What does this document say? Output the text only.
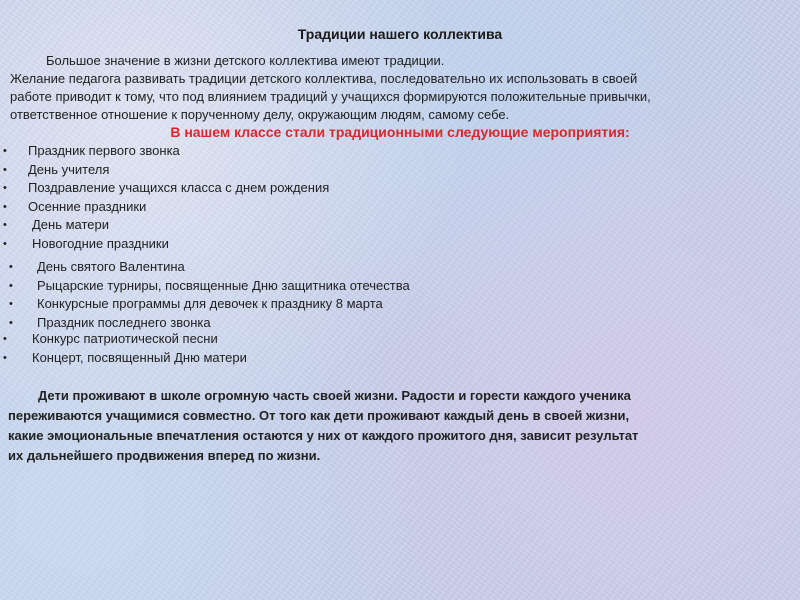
Традиции нашего коллектива
Большое значение в жизни детского коллектива имеют традиции.
Желание педагога развивать традиции детского коллектива, последовательно их использовать в своей
работе приводит к тому, что под влиянием традиций у учащихся формируются положительные привычки,
ответственное отношение к порученному делу, окружающим людям, самому себе.
В нашем классе стали традиционными следующие мероприятия:
• Праздник первого звонка
• День учителя
• Поздравление учащихся класса с днем рождения
• Осенние праздники
• День матери
• Новогодние праздники
• День святого Валентина
• Рыцарские турниры, посвященные Дню защитника отечества
• Конкурсные программы для девочек к празднику 8 марта
• Праздник последнего звонка
• Конкурс патриотической песни
• Концерт, посвященный Дню матери
Дети проживают в школе огромную часть своей жизни. Радости и горести каждого ученика
переживаются учащимися совместно. От того как дети проживают каждый день в своей жизни,
какие эмоциональные впечатления остаются у них от каждого прожитого дня, зависит результат
их дальнейшего продвижения вперед по жизни.
